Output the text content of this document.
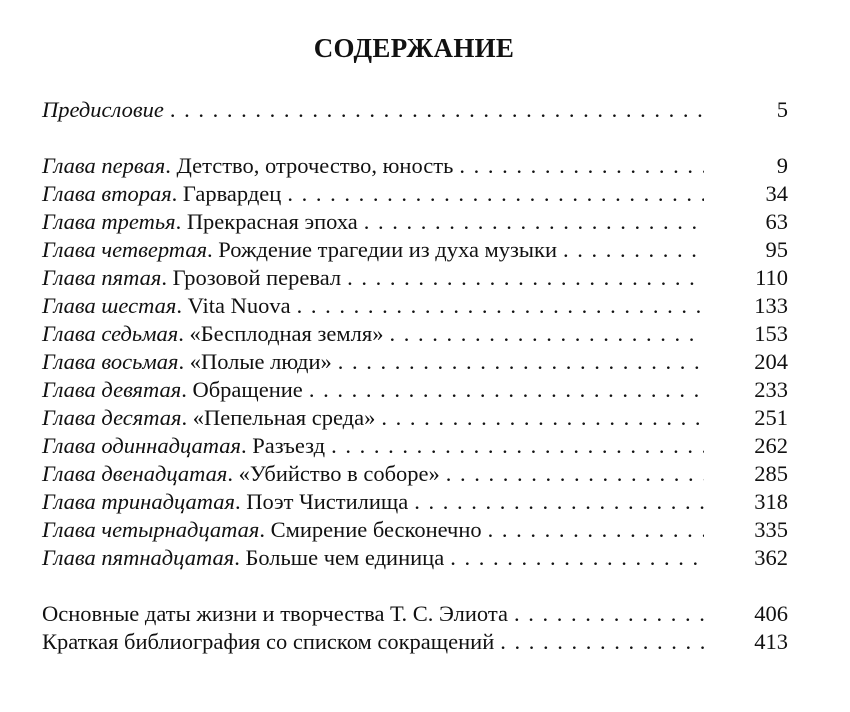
СОДЕРЖАНИЕ
Предисловие . . .	5
Глава первая. Детство, отрочество, юность . . .	9
Глава вторая. Гарвардец . . .	34
Глава третья. Прекрасная эпоха . . .	63
Глава четвертая. Рождение трагедии из духа музыки . . .	95
Глава пятая. Грозовой перевал . . .	110
Глава шестая. Vita Nuova . . .	133
Глава седьмая. «Бесплодная земля» . . .	153
Глава восьмая. «Полые люди» . . .	204
Глава девятая. Обращение . . .	233
Глава десятая. «Пепельная среда» . . .	251
Глава одиннадцатая. Разъезд . . .	262
Глава двенадцатая. «Убийство в соборе» . . .	285
Глава тринадцатая. Поэт Чистилища . . .	318
Глава четырнадцатая. Смирение бесконечно . . .	335
Глава пятнадцатая. Больше чем единица . . .	362
Основные даты жизни и творчества Т. С. Элиота . . .	406
Краткая библиография со списком сокращений . . .	413
